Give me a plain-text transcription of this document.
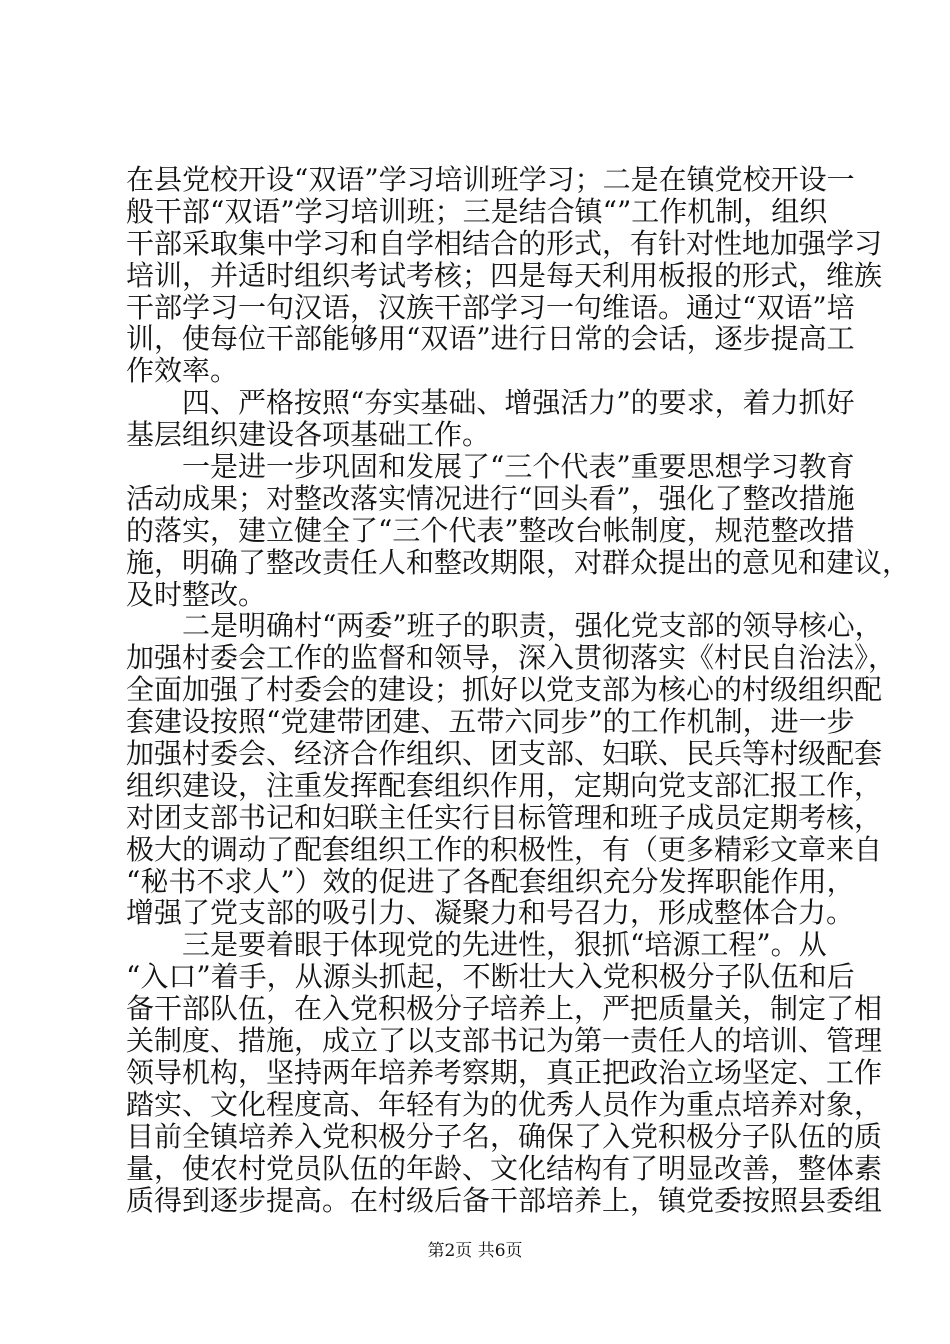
在县党校开设“双语”学习培训班学习；二是在镇党校开设一
般干部“双语”学习培训班；三是结合镇“”工作机制，组织
干部采取集中学习和自学相结合的形式，有针对性地加强学习
培训，并适时组织考试考核；四是每天利用板报的形式，维族
干部学习一句汉语，汉族干部学习一句维语。通过“双语”培
训，使每位干部能够用“双语”进行日常的会话，逐步提高工
作效率。
　　四、严格按照“夯实基础、增强活力”的要求，着力抓好
基层组织建设各项基础工作。
　　一是进一步巩固和发展了“三个代表”重要思想学习教育
活动成果；对整改落实情况进行“回头看”，强化了整改措施
的落实，建立健全了“三个代表”整改台帐制度，规范整改措
施，明确了整改责任人和整改期限，对群众提出的意见和建议，
及时整改。
　　二是明确村“两委”班子的职责，强化党支部的领导核心，
加强村委会工作的监督和领导，深入贯彻落实《村民自治法》，
全面加强了村委会的建设；抓好以党支部为核心的村级组织配
套建设按照“党建带团建、五带六同步”的工作机制，进一步
加强村委会、经济合作组织、团支部、妇联、民兵等村级配套
组织建设，注重发挥配套组织作用，定期向党支部汇报工作，
对团支部书记和妇联主任实行目标管理和班子成员定期考核，
极大的调动了配套组织工作的积极性，有（更多精彩文章来自
“秘书不求人”）效的促进了各配套组织充分发挥职能作用，
增强了党支部的吸引力、凝聚力和号召力，形成整体合力。
　　三是要着眼于体现党的先进性，狠抓“培源工程”。从
“入口”着手，从源头抓起，不断壮大入党积极分子队伍和后
备干部队伍，在入党积极分子培养上，严把质量关，制定了相
关制度、措施，成立了以支部书记为第一责任人的培训、管理
领导机构，坚持两年培养考察期，真正把政治立场坚定、工作
踏实、文化程度高、年轻有为的优秀人员作为重点培养对象，
目前全镇培养入党积极分子名，确保了入党积极分子队伍的质
量，使农村党员队伍的年龄、文化结构有了明显改善，整体素
质得到逐步提高。在村级后备干部培养上，镇党委按照县委组
第2页 共6页
